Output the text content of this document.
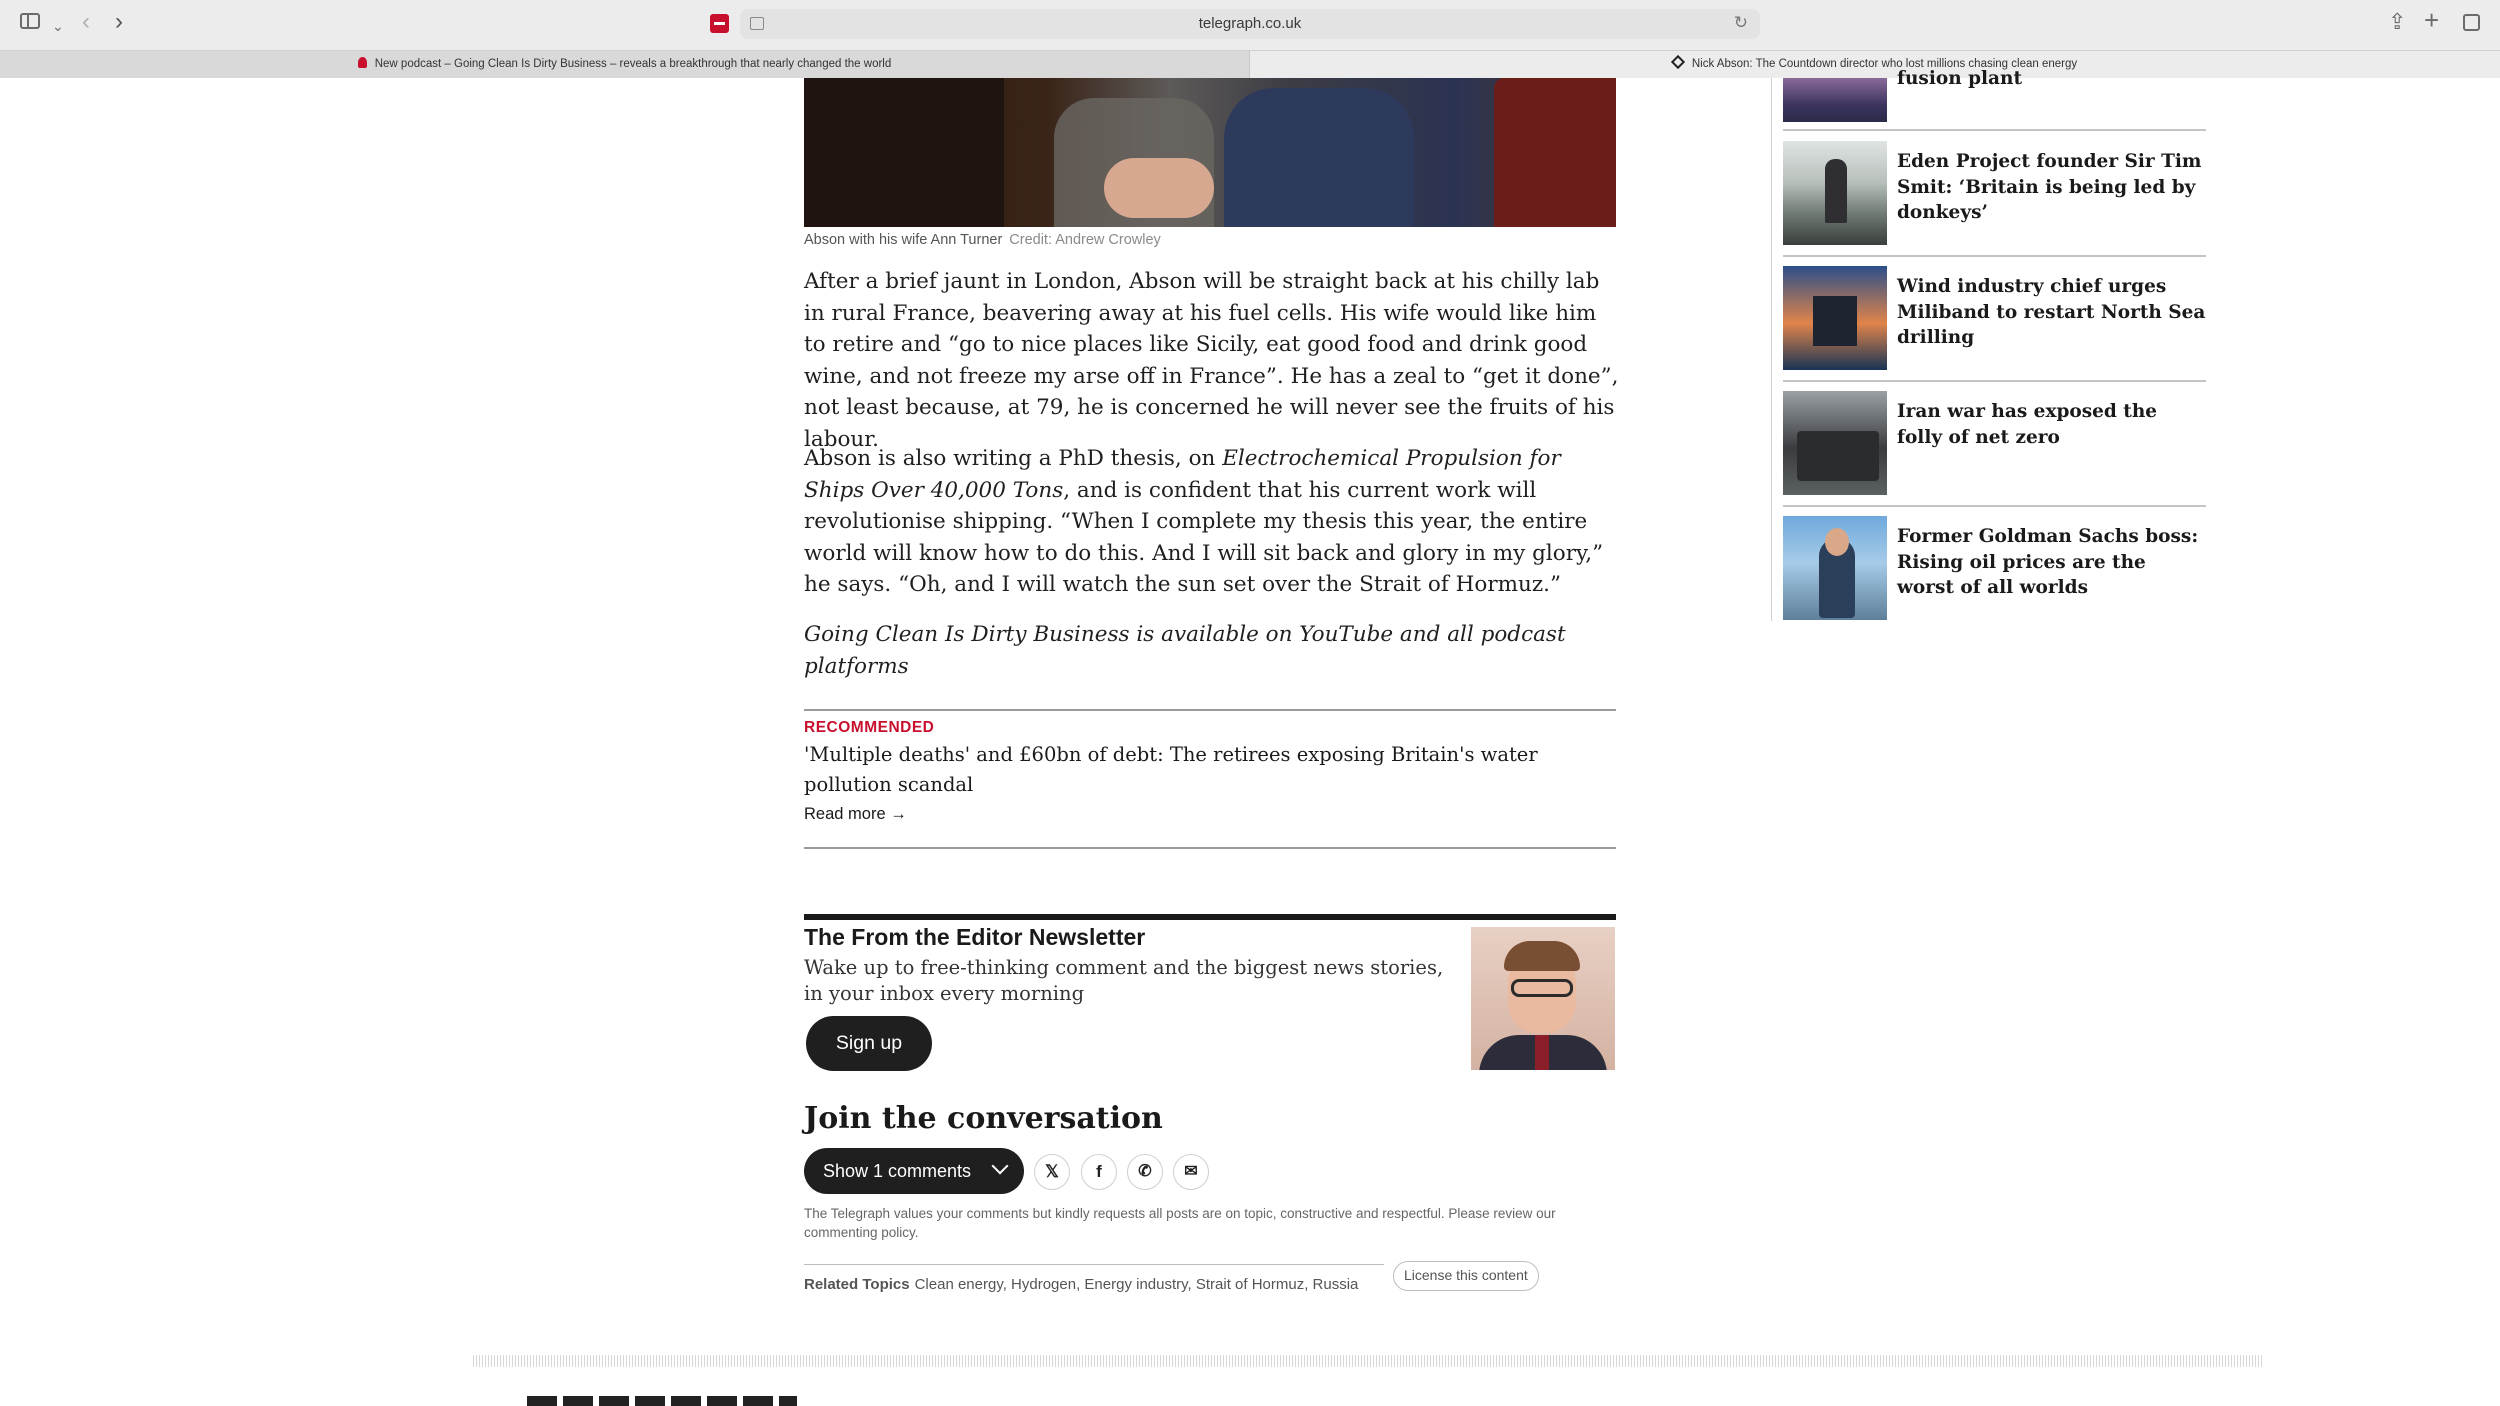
⌄ ‹ ›	telegraph.co.uk	↻	⇪ +
New podcast – Going Clean Is Dirty Business – reveals a breakthrough that nearly changed the world	Nick Abson: The Countdown director who lost millions chasing clean energy
Abson with his wife Ann Turner Credit: Andrew Crowley

After a brief jaunt in London, Abson will be straight back at his chilly lab in rural France, beavering away at his fuel cells. His wife would like him to retire and “go to nice places like Sicily, eat good food and drink good wine, and not freeze my arse off in France”. He has a zeal to “get it done”, not least because, at 79, he is concerned he will never see the fruits of his labour.

Abson is also writing a PhD thesis, on Electrochemical Propulsion for Ships Over 40,000 Tons, and is confident that his current work will revolutionise shipping. “When I complete my thesis this year, the entire world will know how to do this. And I will sit back and glory in my glory,” he says. “Oh, and I will watch the sun set over the Strait of Hormuz.”

Going Clean Is Dirty Business is available on YouTube and all podcast platforms

RECOMMENDED
'Multiple deaths' and £60bn of debt: The retirees exposing Britain's water pollution scandal
Read more →
The From the Editor Newsletter
Wake up to free-thinking comment and the biggest news stories, in your inbox every morning
Sign up
Join the conversation
Show 1 comments	𝕏	f	✆	✉
The Telegraph values your comments but kindly requests all posts are on topic, constructive and respectful. Please review our commenting policy.
Related Topics Clean energy, Hydrogen, Energy industry, Strait of Hormuz, Russia
License this content
fusion plant
Eden Project founder Sir Tim Smit: ‘Britain is being led by donkeys’
Wind industry chief urges Miliband to restart North Sea drilling
Iran war has exposed the folly of net zero
Former Goldman Sachs boss: Rising oil prices are the worst of all worlds
